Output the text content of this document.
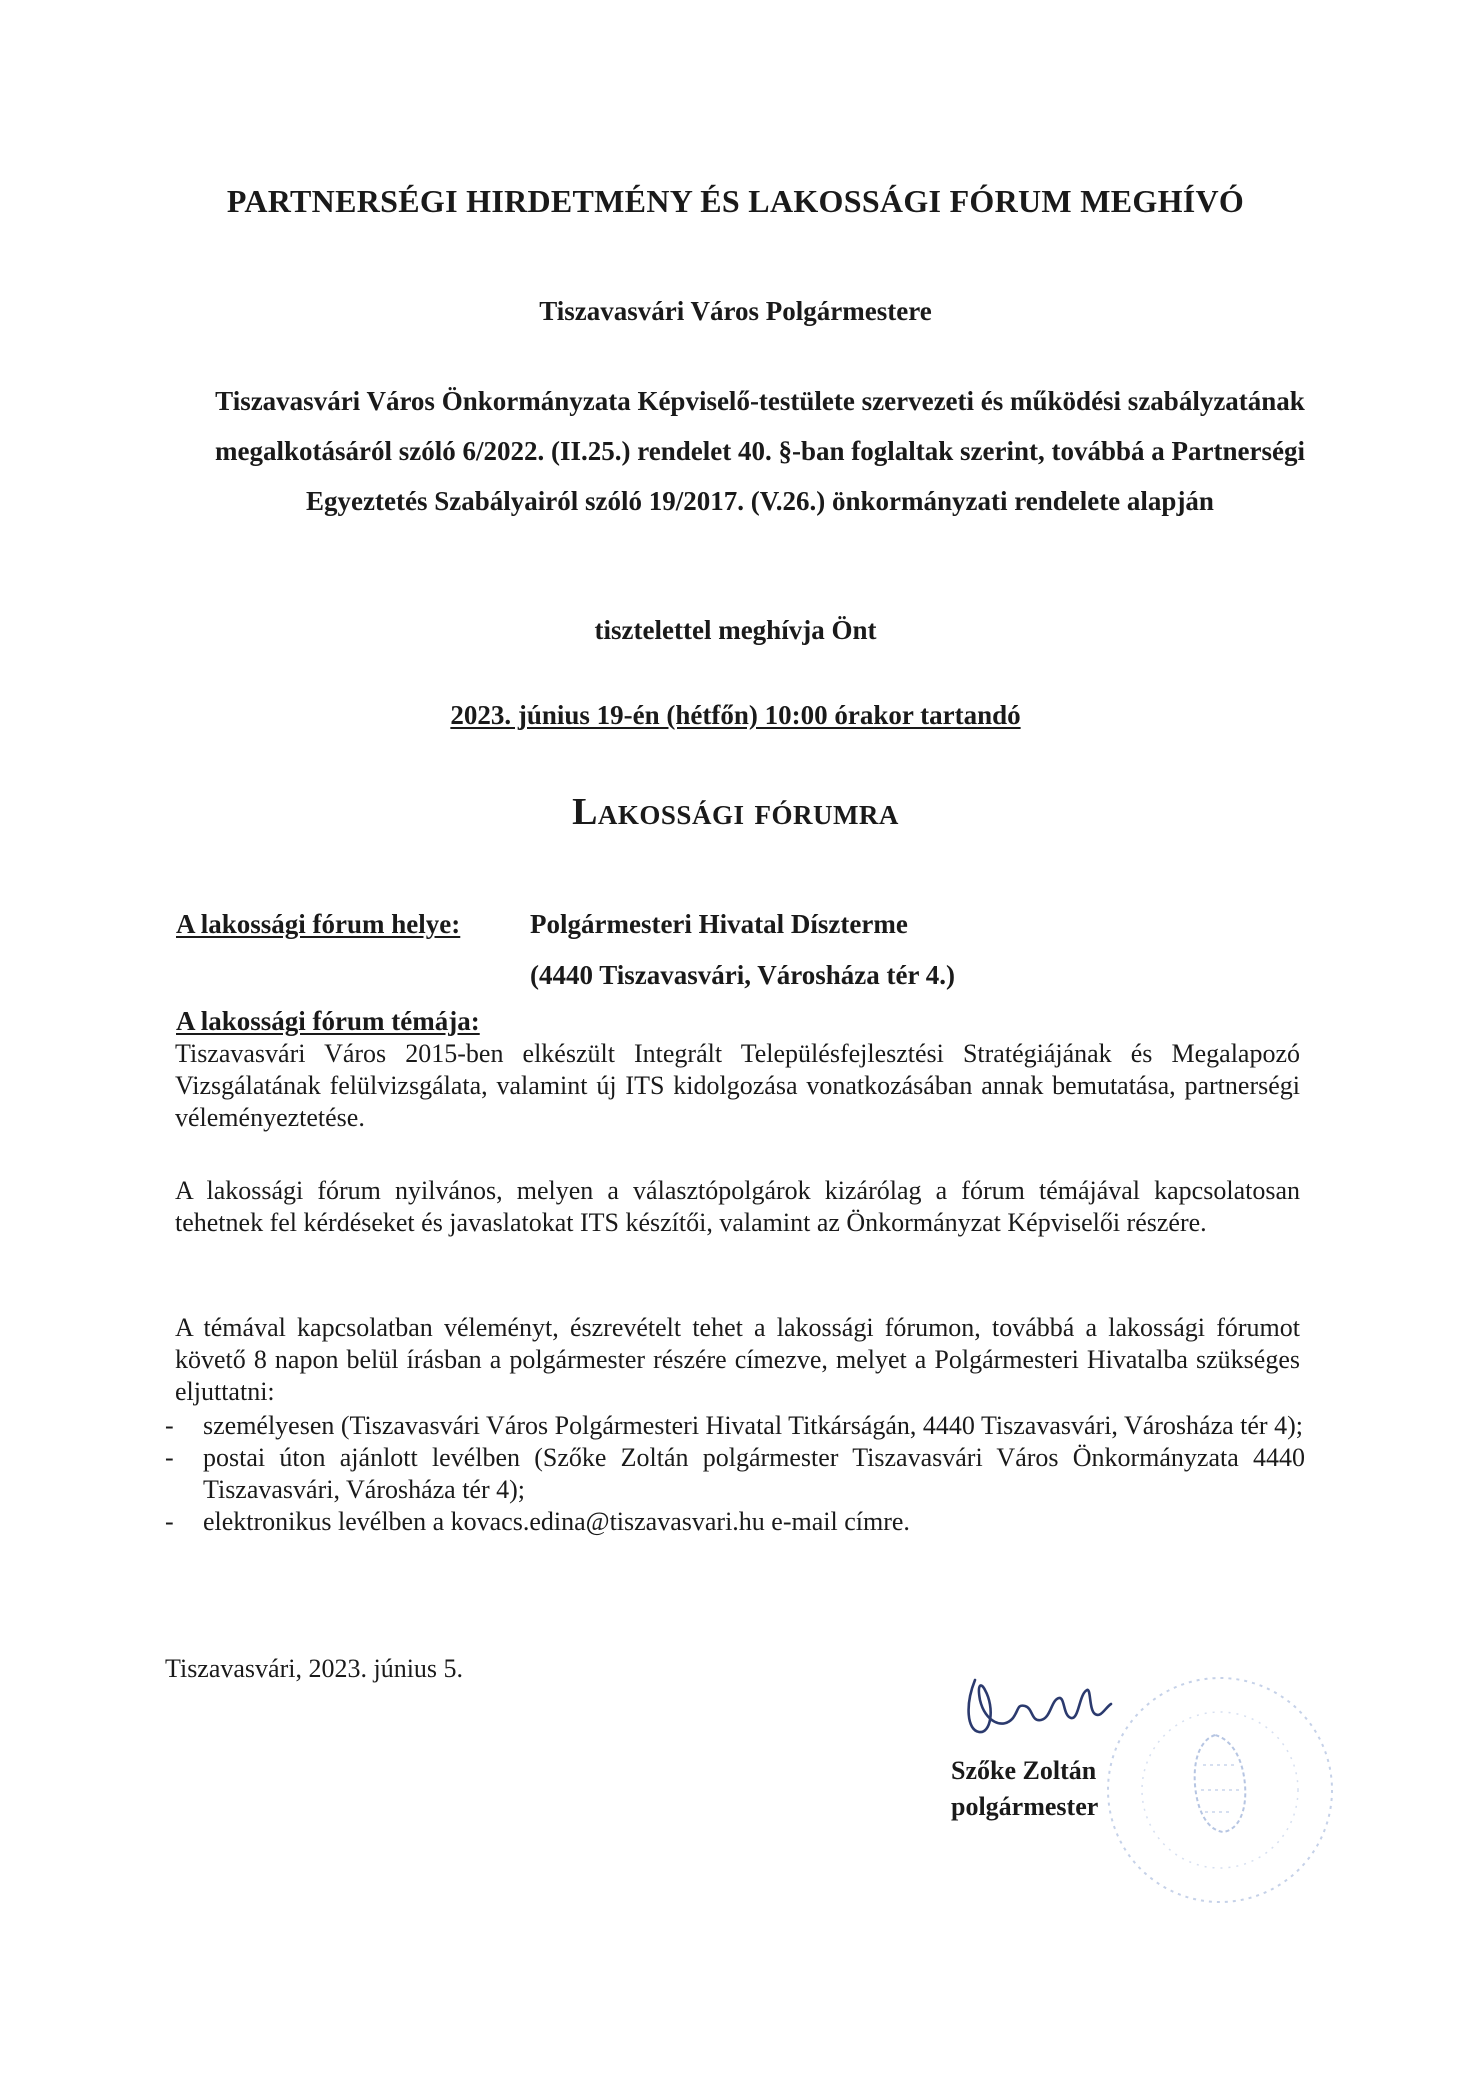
PARTNERSÉGI HIRDETMÉNY ÉS LAKOSSÁGI FÓRUM MEGHÍVÓ

Tiszavasvári Város Polgármestere

Tiszavasvári Város Önkormányzata Képviselő-testülete szervezeti és működési szabályzatának megalkotásáról szóló 6/2022. (II.25.) rendelet 40. §-ban foglaltak szerint, továbbá a Partnerségi Egyeztetés Szabályairól szóló 19/2017. (V.26.) önkormányzati rendelete alapján

tisztelettel meghívja Önt

2023. június 19-én (hétfőn) 10:00 órakor tartandó

Lakossági fórumra
A lakossági fórum helye:	Polgármesteri Hivatal Díszterme
(4440 Tiszavasvári, Városháza tér 4.)
A lakossági fórum témája:

Tiszavasvári Város 2015-ben elkészült Integrált Településfejlesztési Stratégiájának és Megalapozó Vizsgálatának felülvizsgálata, valamint új ITS kidolgozása vonatkozásában annak bemutatása, partnerségi véleményeztetése.

A lakossági fórum nyilvános, melyen a választópolgárok kizárólag a fórum témájával kapcsolatosan tehetnek fel kérdéseket és javaslatokat ITS készítői, valamint az Önkormányzat Képviselői részére.

A témával kapcsolatban véleményt, észrevételt tehet a lakossági fórumon, továbbá a lakossági fórumot követő 8 napon belül írásban a polgármester részére címezve, melyet a Polgármesteri Hivatalba szükséges eljuttatni:

- személyesen (Tiszavasvári Város Polgármesteri Hivatal Titkárságán, 4440 Tiszavasvári, Városháza tér 4);
- postai úton ajánlott levélben (Szőke Zoltán polgármester Tiszavasvári Város Önkormányzata 4440 Tiszavasvári, Városháza tér 4);
- elektronikus levélben a kovacs.edina@tiszavasvari.hu e-mail címre.

Tiszavasvári, 2023. június 5.

Szőke Zoltán
polgármester
